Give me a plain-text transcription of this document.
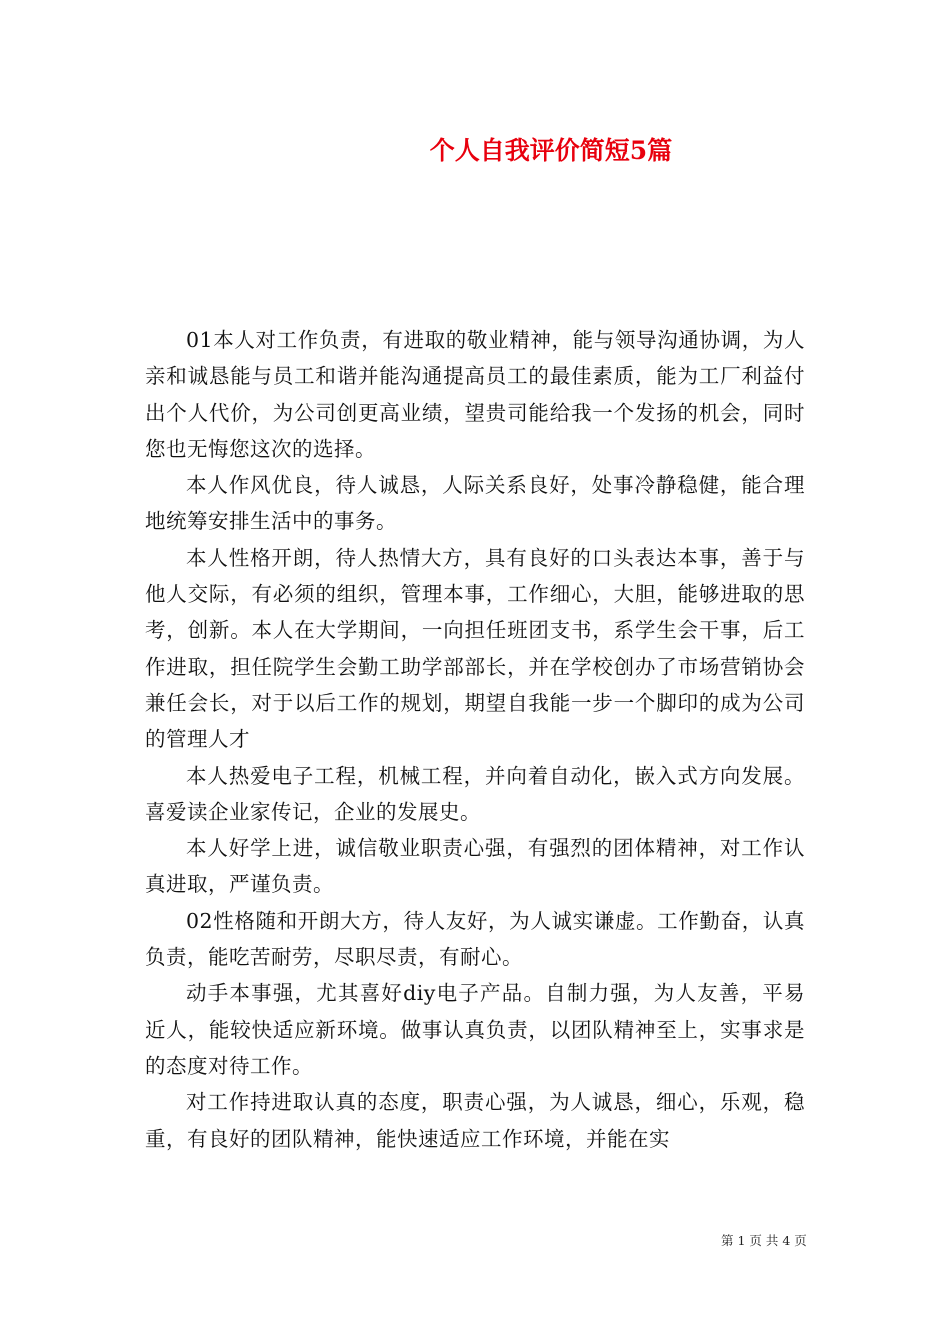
个人自我评价简短5篇

01本人对工作负责，有进取的敬业精神，能与领导沟通协调，为人亲和诚恳能与员工和谐并能沟通提高员工的最佳素质，能为工厂利益付出个人代价，为公司创更高业绩，望贵司能给我一个发扬的机会，同时您也无悔您这次的选择。

本人作风优良，待人诚恳，人际关系良好，处事冷静稳健，能合理地统筹安排生活中的事务。

本人性格开朗，待人热情大方，具有良好的口头表达本事，善于与他人交际，有必须的组织，管理本事，工作细心，大胆，能够进取的思考，创新。本人在大学期间，一向担任班团支书，系学生会干事，后工作进取，担任院学生会勤工助学部部长，并在学校创办了市场营销协会兼任会长，对于以后工作的规划，期望自我能一步一个脚印的成为公司的管理人才

本人热爱电子工程，机械工程，并向着自动化，嵌入式方向发展。喜爱读企业家传记，企业的发展史。

本人好学上进，诚信敬业职责心强，有强烈的团体精神，对工作认真进取，严谨负责。

02性格随和开朗大方，待人友好，为人诚实谦虚。工作勤奋，认真负责，能吃苦耐劳，尽职尽责，有耐心。

动手本事强，尤其喜好diy电子产品。自制力强，为人友善，平易近人，能较快适应新环境。做事认真负责，以团队精神至上，实事求是的态度对待工作。

对工作持进取认真的态度，职责心强，为人诚恳，细心，乐观，稳重，有良好的团队精神，能快速适应工作环境，并能在实

第 1 页 共 4 页
